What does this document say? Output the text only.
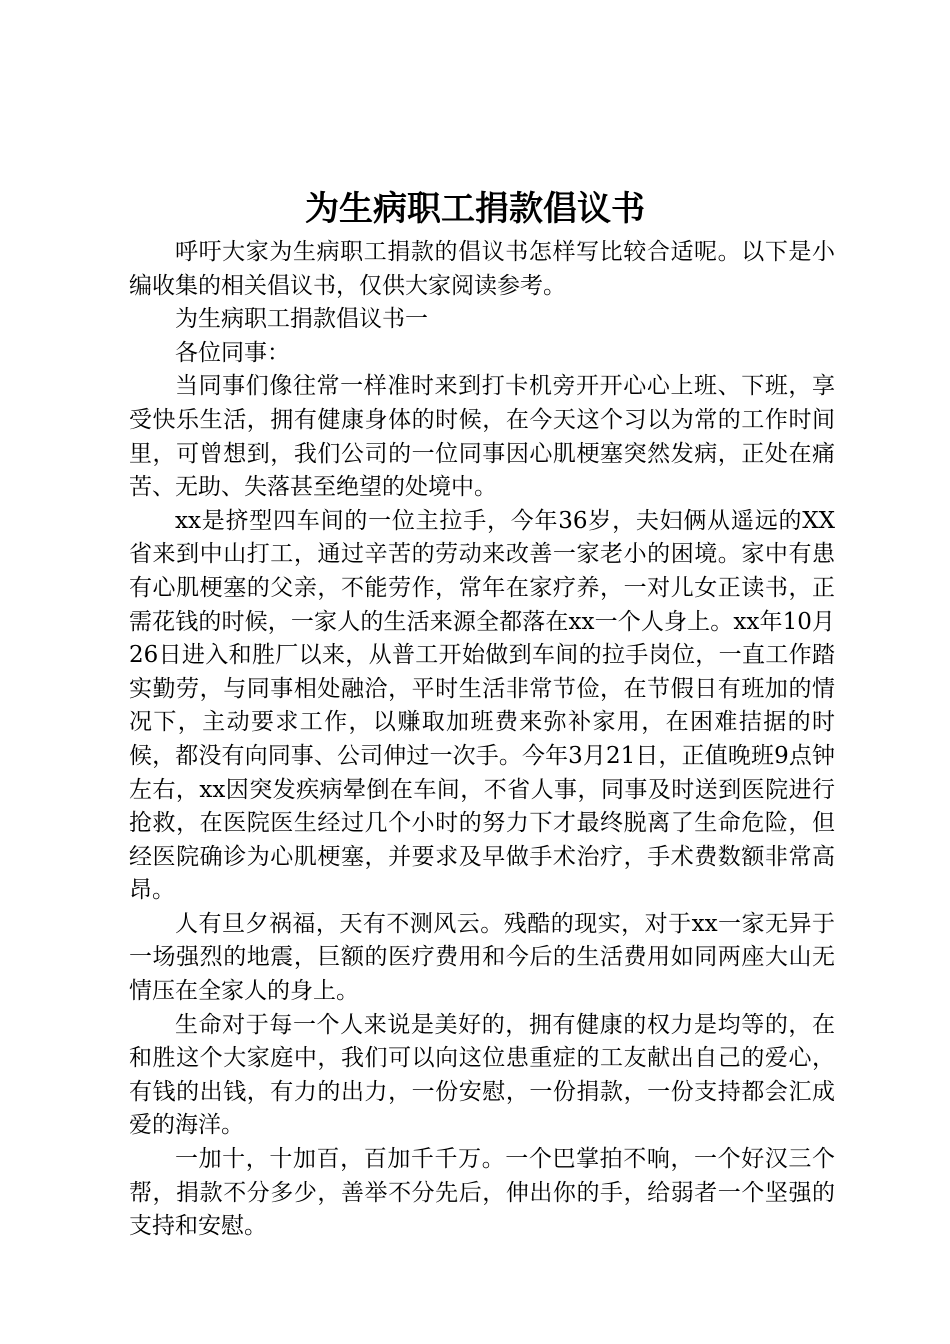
为生病职工捐款倡议书

呼吁大家为生病职工捐款的倡议书怎样写比较合适呢。以下是小编收集的相关倡议书，仅供大家阅读参考。

为生病职工捐款倡议书一

各位同事：

当同事们像往常一样准时来到打卡机旁开开心心上班、下班，享受快乐生活，拥有健康身体的时候，在今天这个习以为常的工作时间里，可曾想到，我们公司的一位同事因心肌梗塞突然发病，正处在痛苦、无助、失落甚至绝望的处境中。

xx是挤型四车间的一位主拉手，今年36岁，夫妇俩从遥远的XX省来到中山打工，通过辛苦的劳动来改善一家老小的困境。家中有患有心肌梗塞的父亲，不能劳作，常年在家疗养，一对儿女正读书，正需花钱的时候，一家人的生活来源全都落在xx一个人身上。xx年10月26日进入和胜厂以来，从普工开始做到车间的拉手岗位，一直工作踏实勤劳，与同事相处融洽，平时生活非常节俭，在节假日有班加的情况下，主动要求工作，以赚取加班费来弥补家用，在困难拮据的时候，都没有向同事、公司伸过一次手。今年3月21日，正值晚班9点钟左右，xx因突发疾病晕倒在车间，不省人事，同事及时送到医院进行抢救，在医院医生经过几个小时的努力下才最终脱离了生命危险，但经医院确诊为心肌梗塞，并要求及早做手术治疗，手术费数额非常高昂。

人有旦夕祸福，天有不测风云。残酷的现实，对于xx一家无异于一场强烈的地震，巨额的医疗费用和今后的生活费用如同两座大山无情压在全家人的身上。

生命对于每一个人来说是美好的，拥有健康的权力是均等的，在和胜这个大家庭中，我们可以向这位患重症的工友献出自己的爱心，有钱的出钱，有力的出力，一份安慰，一份捐款，一份支持都会汇成爱的海洋。

一加十，十加百，百加千千万。一个巴掌拍不响，一个好汉三个帮，捐款不分多少，善举不分先后，伸出你的手，给弱者一个坚强的支持和安慰。
